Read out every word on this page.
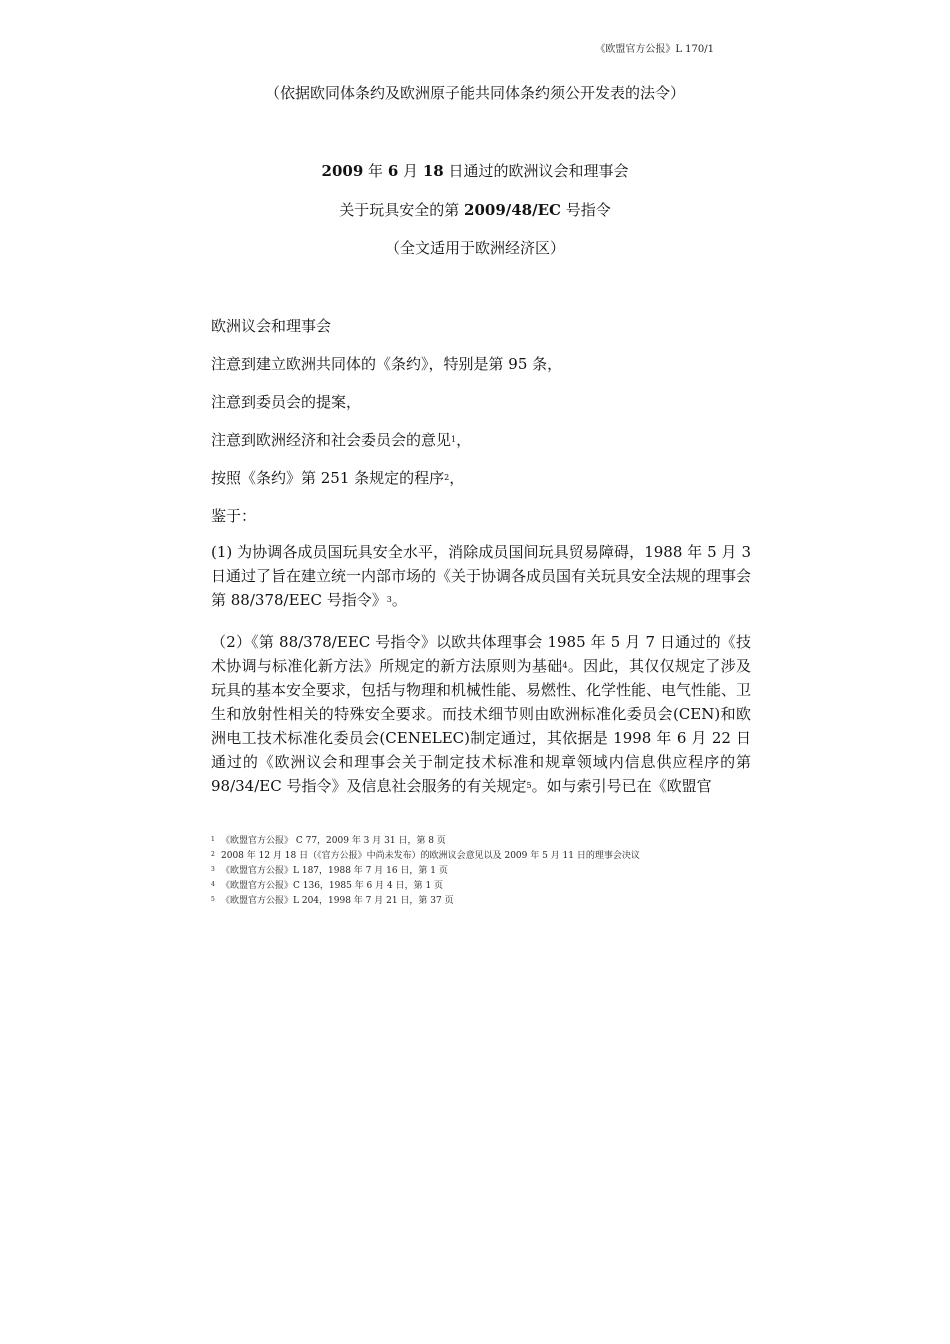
《欧盟官方公报》L 170/1
（依据欧同体条约及欧洲原子能共同体条约须公开发表的法令）
2009 年 6 月 18 日通过的欧洲议会和理事会
关于玩具安全的第 2009/48/EC 号指令
（全文适用于欧洲经济区）
欧洲议会和理事会
注意到建立欧洲共同体的《条约》，特别是第 95 条，
注意到委员会的提案，
注意到欧洲经济和社会委员会的意见$^1$，
按照《条约》第 251 条规定的程序$^2$，
鉴于：
(1) 为协调各成员国玩具安全水平，消除成员国间玩具贸易障碍，1988 年 5 月 3 日通过了旨在建立统一内部市场的《关于协调各成员国有关玩具安全法规的理事会第 88/378/EEC 号指令》$^3$。
（2）《第 88/378/EEC 号指令》以欧共体理事会 1985 年 5 月 7 日通过的《技术协调与标准化新方法》所规定的新方法原则为基础$^4$。因此，其仅仅规定了涉及玩具的基本安全要求，包括与物理和机械性能、易燃性、化学性能、电气性能、卫生和放射性相关的特殊安全要求。而技术细节则由欧洲标准化委员会(CEN)和欧洲电工技术标准化委员会(CENELEC)制定通过，其依据是 1998 年 6 月 22 日通过的《欧洲议会和理事会关于制定技术标准和规章领域内信息供应程序的第 98/34/EC 号指令》及信息社会服务的有关规定$^5$。如与索引号已在《欧盟官
1 《欧盟官方公报》 C 77，2009 年 3 月 31 日，第 8 页
2 2008 年 12 月 18 日（《官方公报》中尚未发布）的欧洲议会意见以及 2009 年 5 月 11 日的理事会决议
3 《欧盟官方公报》L 187，1988 年 7 月 16 日，第 1 页
4 《欧盟官方公报》C 136，1985 年 6 月 4 日，第 1 页
5 《欧盟官方公报》L 204，1998 年 7 月 21 日，第 37 页
